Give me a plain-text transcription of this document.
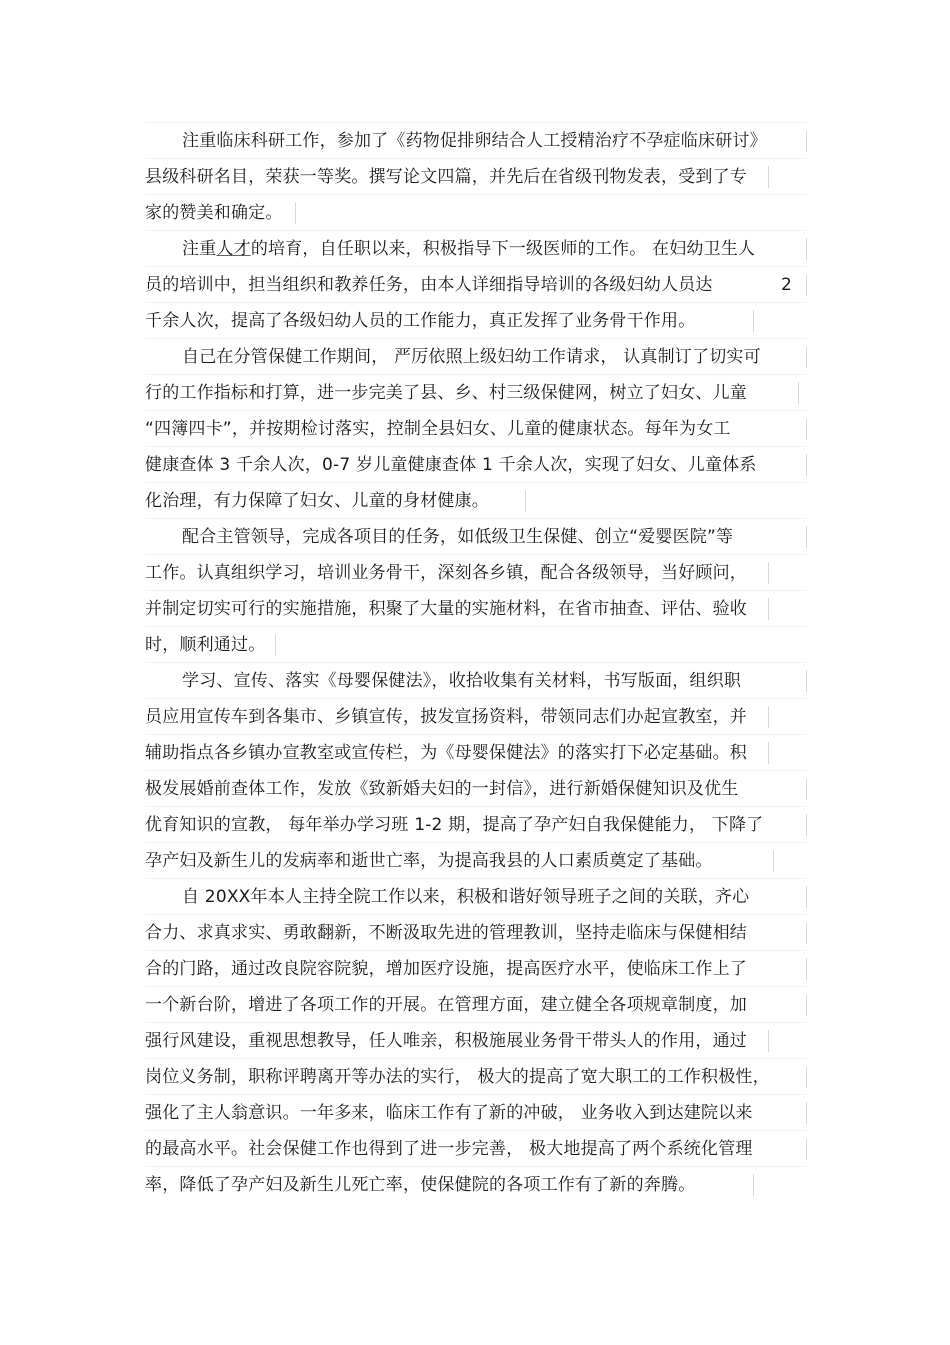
注重临床科研工作，参加了《药物促排卵结合人工授精治疗不孕症临床研讨》
县级科研名目，荣获一等奖。撰写论文四篇，并先后在省级刊物发表，受到了专
家的赞美和确定。
注重人才的培育，自任职以来，积极指导下一级医师的工作。 在妇幼卫生人
员的培训中，担当组织和教养任务，由本人详细指导培训的各级妇幼人员达	2
千余人次，提高了各级妇幼人员的工作能力，真正发挥了业务骨干作用。
自己在分管保健工作期间， 严厉依照上级妇幼工作请求， 认真制订了切实可
行的工作指标和打算，进一步完美了县、乡、村三级保健网，树立了妇女、儿童
“四簿四卡”，并按期检讨落实，控制全县妇女、儿童的健康状态。每年为女工
健康查体 3 千余人次，0-7 岁儿童健康查体 1 千余人次，实现了妇女、儿童体系
化治理，有力保障了妇女、儿童的身材健康。
配合主管领导，完成各项目的任务，如低级卫生保健、创立“爱婴医院”等
工作。认真组织学习，培训业务骨干，深刻各乡镇，配合各级领导，当好顾问，
并制定切实可行的实施措施，积聚了大量的实施材料，在省市抽查、评估、验收
时，顺利通过。
学习、宣传、落实《母婴保健法》，收拾收集有关材料，书写版面，组织职
员应用宣传车到各集市、乡镇宣传，披发宣扬资料，带领同志们办起宣教室，并
辅助指点各乡镇办宣教室或宣传栏，为《母婴保健法》的落实打下必定基础。积
极发展婚前查体工作，发放《致新婚夫妇的一封信》，进行新婚保健知识及优生
优育知识的宣教， 每年举办学习班 1-2 期，提高了孕产妇自我保健能力， 下降了
孕产妇及新生儿的发病率和逝世亡率，为提高我县的人口素质奠定了基础。
自 20XX年本人主持全院工作以来，积极和谐好领导班子之间的关联，齐心
合力、求真求实、勇敢翻新，不断汲取先进的管理教训，坚持走临床与保健相结
合的门路，通过改良院容院貌，增加医疗设施，提高医疗水平，使临床工作上了
一个新台阶，增进了各项工作的开展。在管理方面，建立健全各项规章制度，加
强行风建设，重视思想教导，任人唯亲，积极施展业务骨干带头人的作用，通过
岗位义务制，职称评聘离开等办法的实行， 极大的提高了宽大职工的工作积极性，
强化了主人翁意识。一年多来，临床工作有了新的冲破， 业务收入到达建院以来
的最高水平。社会保健工作也得到了进一步完善， 极大地提高了两个系统化管理
率，降低了孕产妇及新生儿死亡率，使保健院的各项工作有了新的奔腾。
